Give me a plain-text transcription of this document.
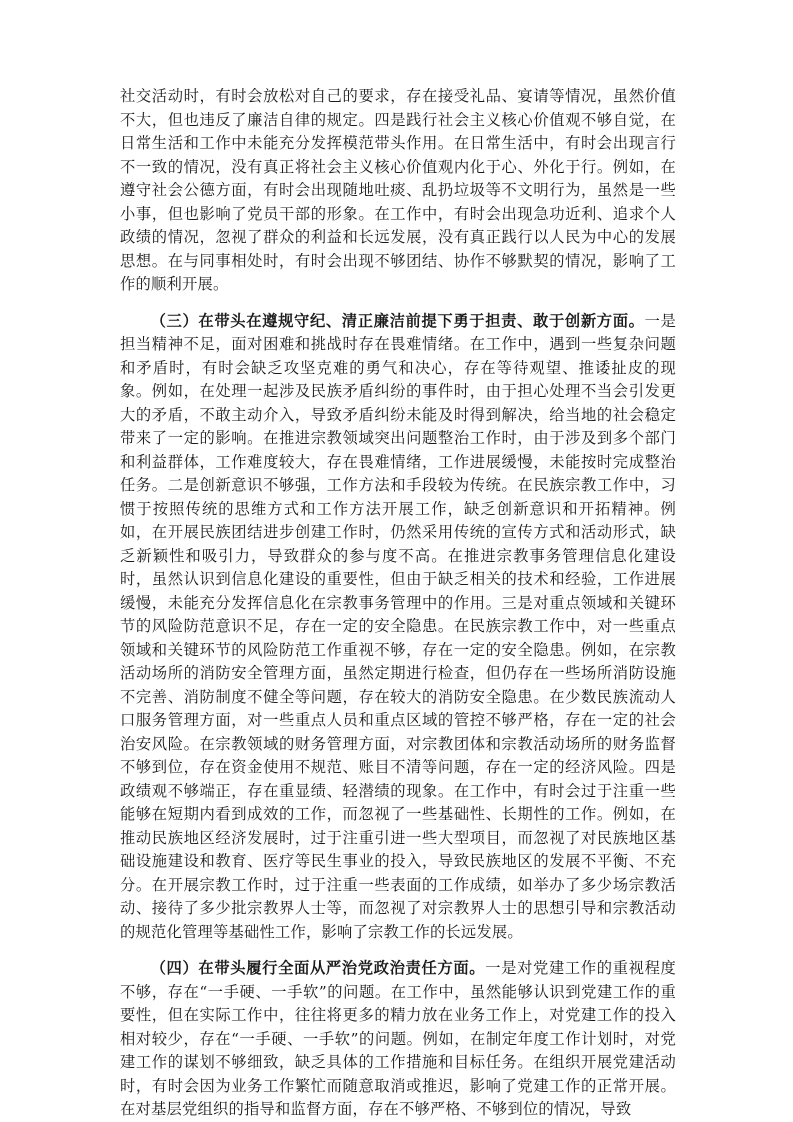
社交活动时，有时会放松对自己的要求，存在接受礼品、宴请等情况，虽然价值不大，但也违反了廉洁自律的规定。四是践行社会主义核心价值观不够自觉，在日常生活和工作中未能充分发挥模范带头作用。在日常生活中，有时会出现言行不一致的情况，没有真正将社会主义核心价值观内化于心、外化于行。例如，在遵守社会公德方面，有时会出现随地吐痰、乱扔垃圾等不文明行为，虽然是一些小事，但也影响了党员干部的形象。在工作中，有时会出现急功近利、追求个人政绩的情况，忽视了群众的利益和长远发展，没有真正践行以人民为中心的发展思想。在与同事相处时，有时会出现不够团结、协作不够默契的情况，影响了工作的顺利开展。

（三）在带头在遵规守纪、清正廉洁前提下勇于担责、敢于创新方面。一是担当精神不足，面对困难和挑战时存在畏难情绪。在工作中，遇到一些复杂问题和矛盾时，有时会缺乏攻坚克难的勇气和决心，存在等待观望、推诿扯皮的现象。例如，在处理一起涉及民族矛盾纠纷的事件时，由于担心处理不当会引发更大的矛盾，不敢主动介入，导致矛盾纠纷未能及时得到解决，给当地的社会稳定带来了一定的影响。在推进宗教领域突出问题整治工作时，由于涉及到多个部门和利益群体，工作难度较大，存在畏难情绪，工作进展缓慢，未能按时完成整治任务。二是创新意识不够强，工作方法和手段较为传统。在民族宗教工作中，习惯于按照传统的思维方式和工作方法开展工作，缺乏创新意识和开拓精神。例如，在开展民族团结进步创建工作时，仍然采用传统的宣传方式和活动形式，缺乏新颖性和吸引力，导致群众的参与度不高。在推进宗教事务管理信息化建设时，虽然认识到信息化建设的重要性，但由于缺乏相关的技术和经验，工作进展缓慢，未能充分发挥信息化在宗教事务管理中的作用。三是对重点领域和关键环节的风险防范意识不足，存在一定的安全隐患。在民族宗教工作中，对一些重点领域和关键环节的风险防范工作重视不够，存在一定的安全隐患。例如，在宗教活动场所的消防安全管理方面，虽然定期进行检查，但仍存在一些场所消防设施不完善、消防制度不健全等问题，存在较大的消防安全隐患。在少数民族流动人口服务管理方面，对一些重点人员和重点区域的管控不够严格，存在一定的社会治安风险。在宗教领域的财务管理方面，对宗教团体和宗教活动场所的财务监督不够到位，存在资金使用不规范、账目不清等问题，存在一定的经济风险。四是政绩观不够端正，存在重显绩、轻潜绩的现象。在工作中，有时会过于注重一些能够在短期内看到成效的工作，而忽视了一些基础性、长期性的工作。例如，在推动民族地区经济发展时，过于注重引进一些大型项目，而忽视了对民族地区基础设施建设和教育、医疗等民生事业的投入，导致民族地区的发展不平衡、不充分。在开展宗教工作时，过于注重一些表面的工作成绩，如举办了多少场宗教活动、接待了多少批宗教界人士等，而忽视了对宗教界人士的思想引导和宗教活动的规范化管理等基础性工作，影响了宗教工作的长远发展。

（四）在带头履行全面从严治党政治责任方面。一是对党建工作的重视程度不够，存在“一手硬、一手软”的问题。在工作中，虽然能够认识到党建工作的重要性，但在实际工作中，往往将更多的精力放在业务工作上，对党建工作的投入相对较少，存在“一手硬、一手软”的问题。例如，在制定年度工作计划时，对党建工作的谋划不够细致，缺乏具体的工作措施和目标任务。在组织开展党建活动时，有时会因为业务工作繁忙而随意取消或推迟，影响了党建工作的正常开展。在对基层党组织的指导和监督方面，存在不够严格、不够到位的情况，导致
